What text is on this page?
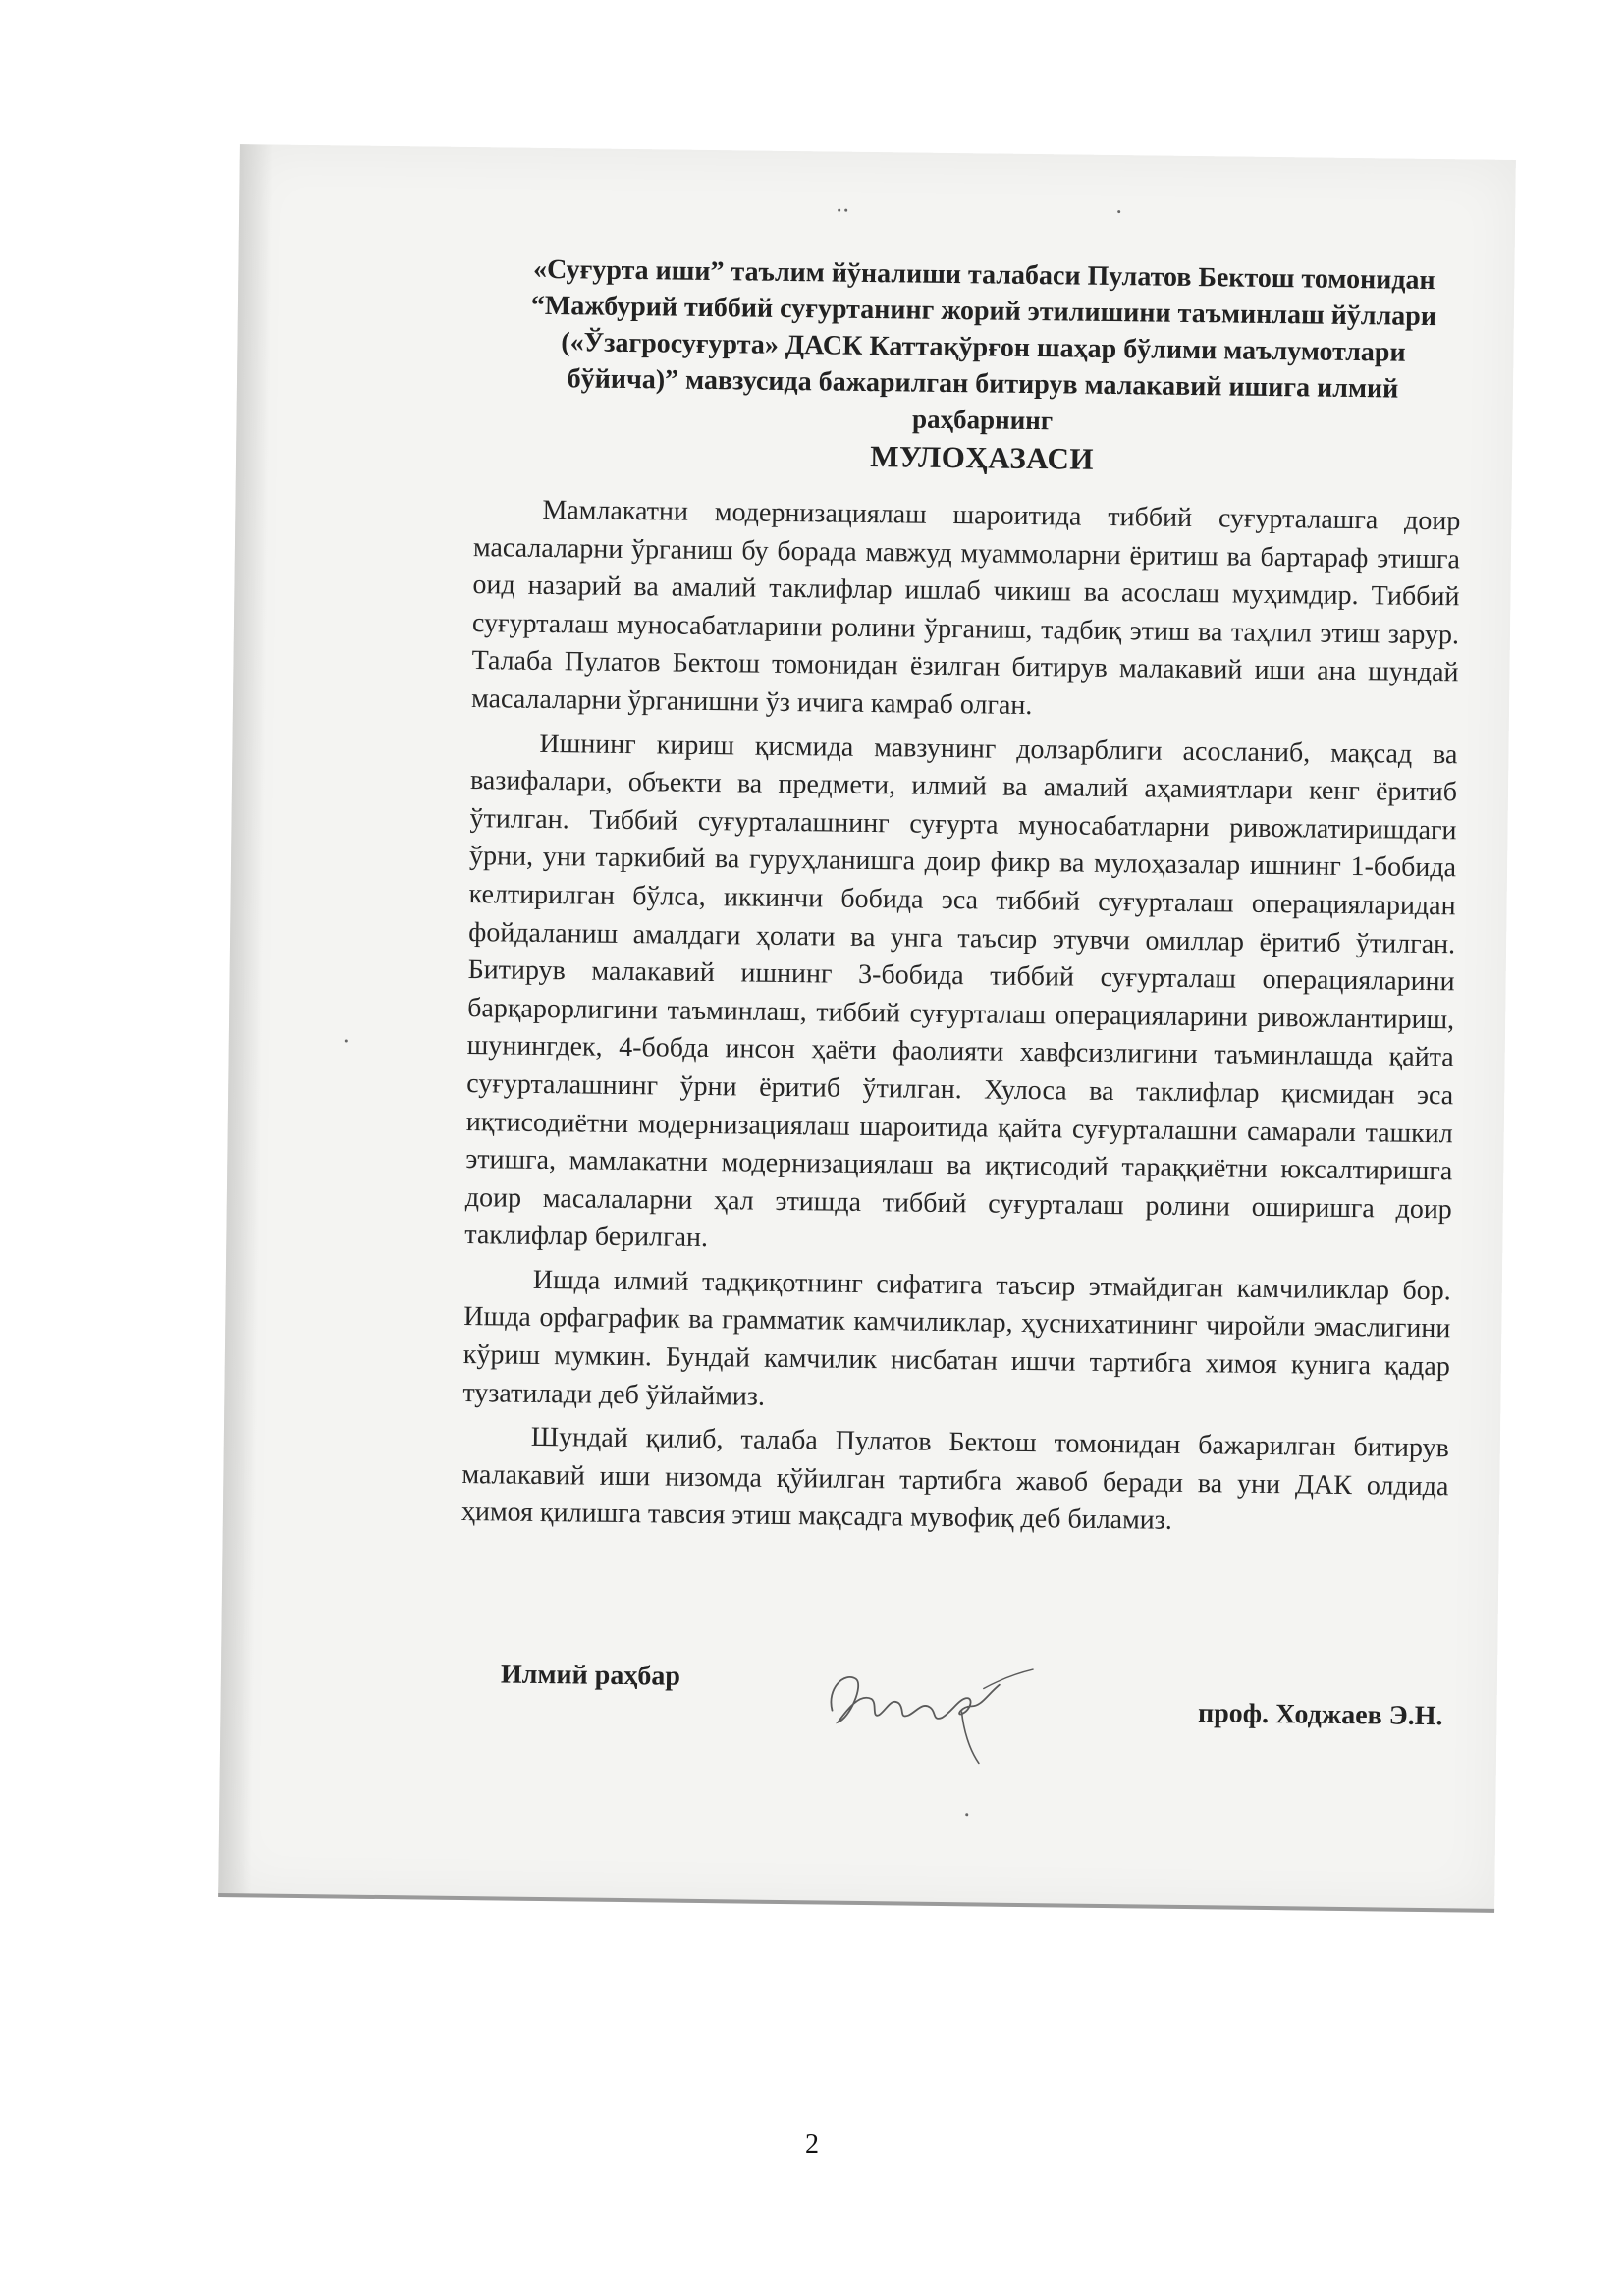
«Суғурта иши” таълим йўналиши талабаси Пулатов Бектош томонидан
“Мажбурий тиббий суғуртанинг жорий этилишини таъминлаш йўллари
(«Ўзагросуғурта» ДАСК Каттақўрғон шаҳар бўлими маълумотлари
бўйича)” мавзусида бажарилган битирув малакавий ишига илмий
раҳбарнинг
МУЛОҲАЗАСИ

Мамлакатни модернизациялаш шароитида тиббий суғурталашга доир масалаларни ўрганиш бу борада мавжуд муаммоларни ёритиш ва бартараф этишга оид назарий ва амалий таклифлар ишлаб чикиш ва асослаш муҳимдир. Тиббий суғурталаш муносабатларини ролини ўрганиш, тадбиқ этиш ва таҳлил этиш зарур. Талаба Пулатов Бектош томонидан ёзилган битирув малакавий иши ана шундай масалаларни ўрганишни ўз ичига камраб олган.

Ишнинг кириш қисмида мавзунинг долзарблиги асосланиб, мақсад ва вазифалари, объекти ва предмети, илмий ва амалий аҳамиятлари кенг ёритиб ўтилган. Тиббий суғурталашнинг суғурта муносабатларни ривожлатиришдаги ўрни, уни таркибий ва гуруҳланишга доир фикр ва мулоҳазалар ишнинг 1-бобида келтирилган бўлса, иккинчи бобида эса тиббий суғурталаш операцияларидан фойдаланиш амалдаги ҳолати ва унга таъсир этувчи омиллар ёритиб ўтилган. Битирув малакавий ишнинг 3-бобида тиббий суғурталаш операцияларини барқарорлигини таъминлаш, тиббий суғурталаш операцияларини ривожлантириш, шунингдек, 4-бобда инсон ҳаёти фаолияти хавфсизлигини таъминлашда қайта суғурталашнинг ўрни ёритиб ўтилган. Хулоса ва таклифлар қисмидан эса иқтисодиётни модернизациялаш шароитида қайта суғурталашни самарали ташкил этишга, мамлакатни модернизациялаш ва иқтисодий тараққиётни юксалтиришга доир масалаларни ҳал этишда тиббий суғурталаш ролини оширишга доир таклифлар берилган.

Ишда илмий тадқиқотнинг сифатига таъсир этмайдиган камчиликлар бор. Ишда орфаграфик ва грамматик камчиликлар, ҳуснихатининг чиройли эмаслигини кўриш мумкин. Бундай камчилик нисбатан ишчи тартибга химоя кунига қадар тузатилади деб ўйлаймиз.

Шундай қилиб, талаба Пулатов Бектош томонидан бажарилган битирув малакавий иши низомда қўйилган тартибга жавоб беради ва уни ДАК олдида ҳимоя қилишга тавсия этиш мақсадга мувофиқ деб биламиз.

Илмий раҳбар
проф. Ходжаев Э.Н.
2
